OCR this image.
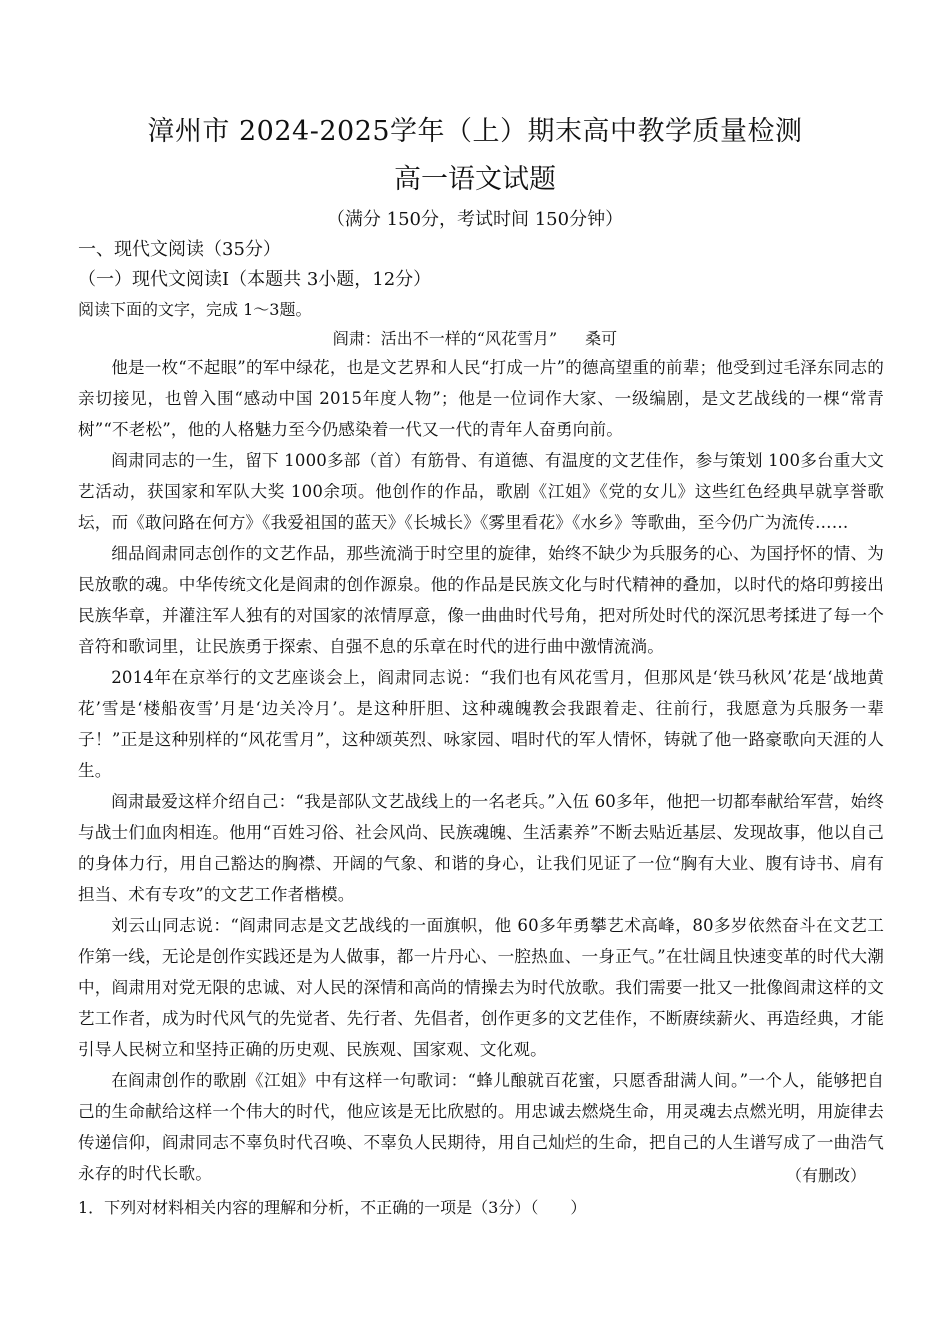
漳州市 2024-2025学年（上）期末高中教学质量检测
高一语文试题
（满分 150分，考试时间 150分钟）
一、现代文阅读（35分）
（一）现代文阅读Ⅰ（本题共 3小题，12分）
阅读下面的文字，完成 1～3题。
阎肃：活出不一样的“风花雪月” 桑可

他是一枚“不起眼”的军中绿花，也是文艺界和人民“打成一片”的德高望重的前辈；他受到过毛泽东同志的亲切接见，也曾入围“感动中国 2015年度人物”；他是一位词作大家、一级编剧，是文艺战线的一棵“常青树”“不老松”，他的人格魅力至今仍感染着一代又一代的青年人奋勇向前。

阎肃同志的一生，留下 1000多部（首）有筋骨、有道德、有温度的文艺佳作，参与策划 100多台重大文艺活动，获国家和军队大奖 100余项。他创作的作品，歌剧《江姐》《党的女儿》这些红色经典早就享誉歌坛，而《敢问路在何方》《我爱祖国的蓝天》《长城长》《雾里看花》《水乡》等歌曲，至今仍广为流传……

细品阎肃同志创作的文艺作品，那些流淌于时空里的旋律，始终不缺少为兵服务的心、为国抒怀的情、为民放歌的魂。中华传统文化是阎肃的创作源泉。他的作品是民族文化与时代精神的叠加，以时代的烙印剪接出民族华章，并灌注军人独有的对国家的浓情厚意，像一曲曲时代号角，把对所处时代的深沉思考揉进了每一个音符和歌词里，让民族勇于探索、自强不息的乐章在时代的进行曲中激情流淌。

2014年在京举行的文艺座谈会上，阎肃同志说：“我们也有风花雪月，但那风是‘铁马秋风’花是‘战地黄花’雪是‘楼船夜雪’月是‘边关冷月’。是这种肝胆、这种魂魄教会我跟着走、往前行，我愿意为兵服务一辈子！”正是这种别样的“风花雪月”，这种颂英烈、咏家园、唱时代的军人情怀，铸就了他一路豪歌向天涯的人生。

阎肃最爱这样介绍自己：“我是部队文艺战线上的一名老兵。”入伍 60多年，他把一切都奉献给军营，始终与战士们血肉相连。他用“百姓习俗、社会风尚、民族魂魄、生活素养”不断去贴近基层、发现故事，他以自己的身体力行，用自己豁达的胸襟、开阔的气象、和谐的身心，让我们见证了一位“胸有大业、腹有诗书、肩有担当、术有专攻”的文艺工作者楷模。

刘云山同志说：“阎肃同志是文艺战线的一面旗帜，他 60多年勇攀艺术高峰，80多岁依然奋斗在文艺工作第一线，无论是创作实践还是为人做事，都一片丹心、一腔热血、一身正气。”在壮阔且快速变革的时代大潮中，阎肃用对党无限的忠诚、对人民的深情和高尚的情操去为时代放歌。我们需要一批又一批像阎肃这样的文艺工作者，成为时代风气的先觉者、先行者、先倡者，创作更多的文艺佳作，不断赓续薪火、再造经典，才能引导人民树立和坚持正确的历史观、民族观、国家观、文化观。

在阎肃创作的歌剧《江姐》中有这样一句歌词：“蜂儿酿就百花蜜，只愿香甜满人间。”一个人，能够把自己的生命献给这样一个伟大的时代，他应该是无比欣慰的。用忠诚去燃烧生命，用灵魂去点燃光明，用旋律去传递信仰，阎肃同志不辜负时代召唤、不辜负人民期待，用自己灿烂的生命，把自己的人生谱写成了一曲浩气永存的时代长歌。	（有删改）
1．下列对材料相关内容的理解和分析，不正确的一项是（3分）（　　）
